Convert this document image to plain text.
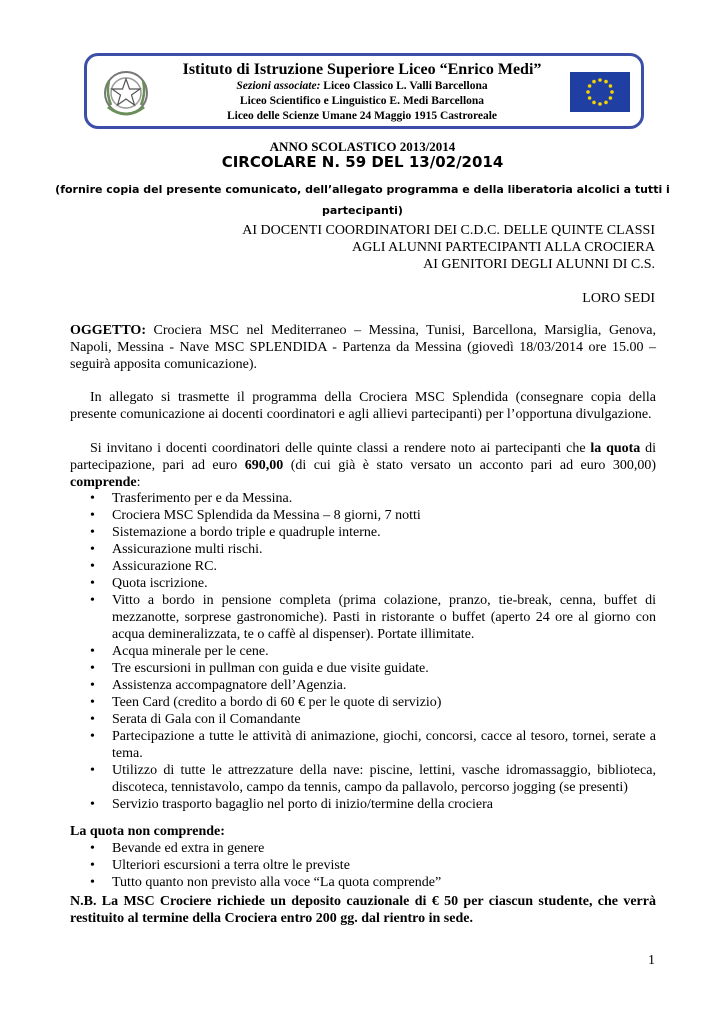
Istituto di Istruzione Superiore Liceo “Enrico Medi”
Sezioni associate: Liceo Classico L. Valli Barcellona
Liceo Scientifico e Linguistico E. Medi Barcellona
Liceo delle Scienze Umane 24 Maggio 1915 Castroreale
ANNO SCOLASTICO 2013/2014
CIRCOLARE N. 59 DEL 13/02/2014
(fornire copia del presente comunicato, dell’allegato programma e della liberatoria alcolici a tutti i partecipanti)
AI DOCENTI COORDINATORI DEI C.D.C. DELLE QUINTE CLASSI
AGLI ALUNNI PARTECIPANTI ALLA CROCIERA
AI GENITORI DEGLI ALUNNI DI C.S.
LORO SEDI
OGGETTO: Crociera MSC nel Mediterraneo – Messina, Tunisi, Barcellona, Marsiglia, Genova, Napoli, Messina - Nave MSC SPLENDIDA - Partenza da Messina (giovedì 18/03/2014 ore 15.00 – seguirà apposita comunicazione).
In allegato si trasmette il programma della Crociera MSC Splendida (consegnare copia della presente comunicazione ai docenti coordinatori e agli allievi partecipanti) per l’opportuna divulgazione.
Si invitano i docenti coordinatori delle quinte classi a rendere noto ai partecipanti che la quota di partecipazione, pari ad euro 690,00 (di cui già è stato versato un acconto pari ad euro 300,00) comprende:
• Trasferimento per e da Messina.
• Crociera MSC Splendida da Messina – 8 giorni, 7 notti
• Sistemazione a bordo triple e quadruple interne.
• Assicurazione multi rischi.
• Assicurazione RC.
• Quota iscrizione.
• Vitto a bordo in pensione completa (prima colazione, pranzo, tie-break, cenna, buffet di mezzanotte, sorprese gastronomiche). Pasti in ristorante o buffet (aperto 24 ore al giorno con acqua demineralizzata, te o caffè al dispenser). Portate illimitate.
• Acqua minerale per le cene.
• Tre escursioni in pullman con guida e due visite guidate.
• Assistenza accompagnatore dell’Agenzia.
• Teen Card (credito a bordo di 60 € per le quote di servizio)
• Serata di Gala con il Comandante
• Partecipazione a tutte le attività di animazione, giochi, concorsi, cacce al tesoro, tornei, serate a tema.
• Utilizzo di tutte le attrezzature della nave: piscine, lettini, vasche idromassaggio, biblioteca, discoteca, tennistavolo, campo da tennis, campo da pallavolo, percorso jogging (se presenti)
• Servizio trasporto bagaglio nel porto di inizio/termine della crociera
La quota non comprende:
• Bevande ed extra in genere
• Ulteriori escursioni a terra oltre le previste
• Tutto quanto non previsto alla voce “La quota comprende”
N.B. La MSC Crociere richiede un deposito cauzionale di € 50 per ciascun studente, che verrà restituito al termine della Crociera entro 200 gg. dal rientro in sede.
1
